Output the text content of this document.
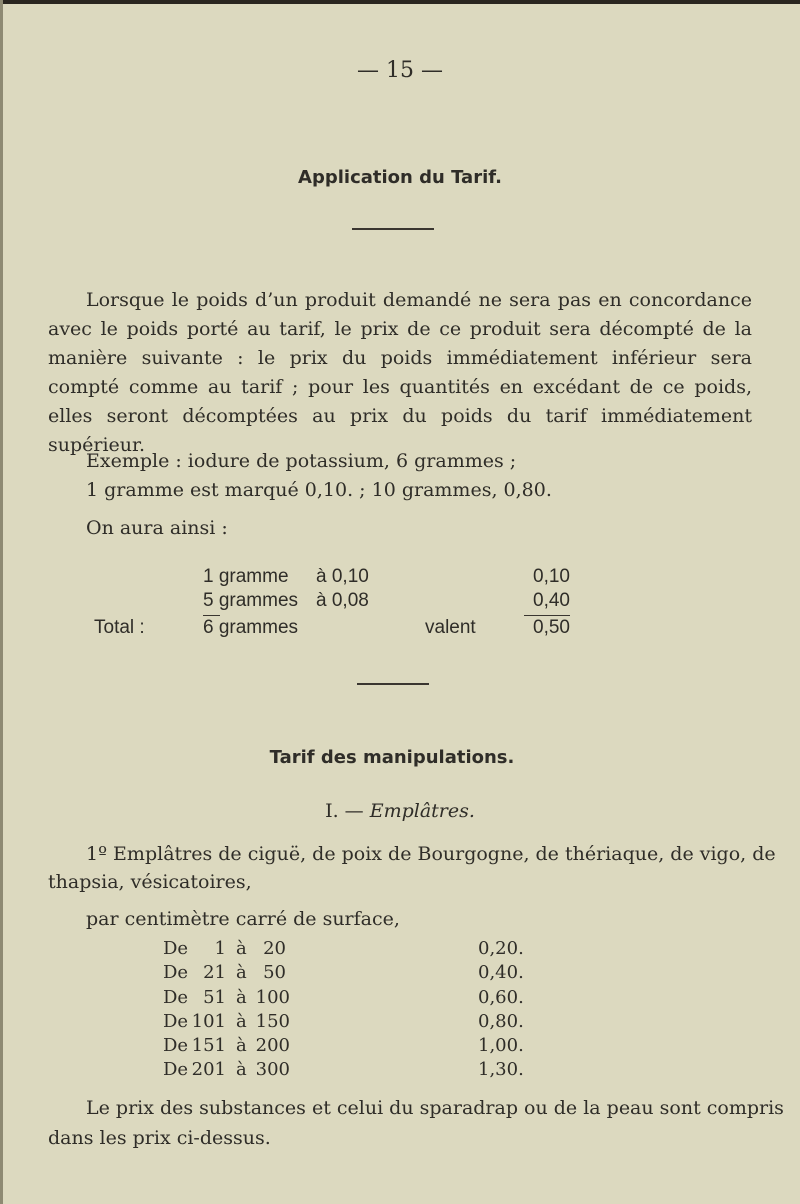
— 15 —
Application du Tarif.
Lorsque le poids d’un produit demandé ne sera pas en concordance avec le poids porté au tarif, le prix de ce produit sera décompté de la manière suivante : le prix du poids immédiatement inférieur sera compté comme au tarif ; pour les quantités en excédant de ce poids, elles seront décomptées au prix du poids du tarif immédiatement supérieur.
Exemple : iodure de potassium, 6 grammes ;
1 gramme est marqué 0,10. ; 10 grammes, 0,80.
On aura ainsi :
1 gramme à 0,10	0,10
5 grammes à 0,08	0,40
Total :	6 grammes	valent	0,50
Tarif des manipulations.
I. — Emplâtres.
1º Emplâtres de ciguë, de poix de Bourgogne, de thériaque, de vigo, de
thapsia, vésicatoires,
par centimètre carré de surface,
De	1 à 20	0,20.
De 21 à 50	0,40.
De 51 à 100	0,60.
De 101 à 150	0,80.
De 151 à 200	1,00.
De 201 à 300	1,30.
Le prix des substances et celui du sparadrap ou de la peau sont compris
dans les prix ci-dessus.
